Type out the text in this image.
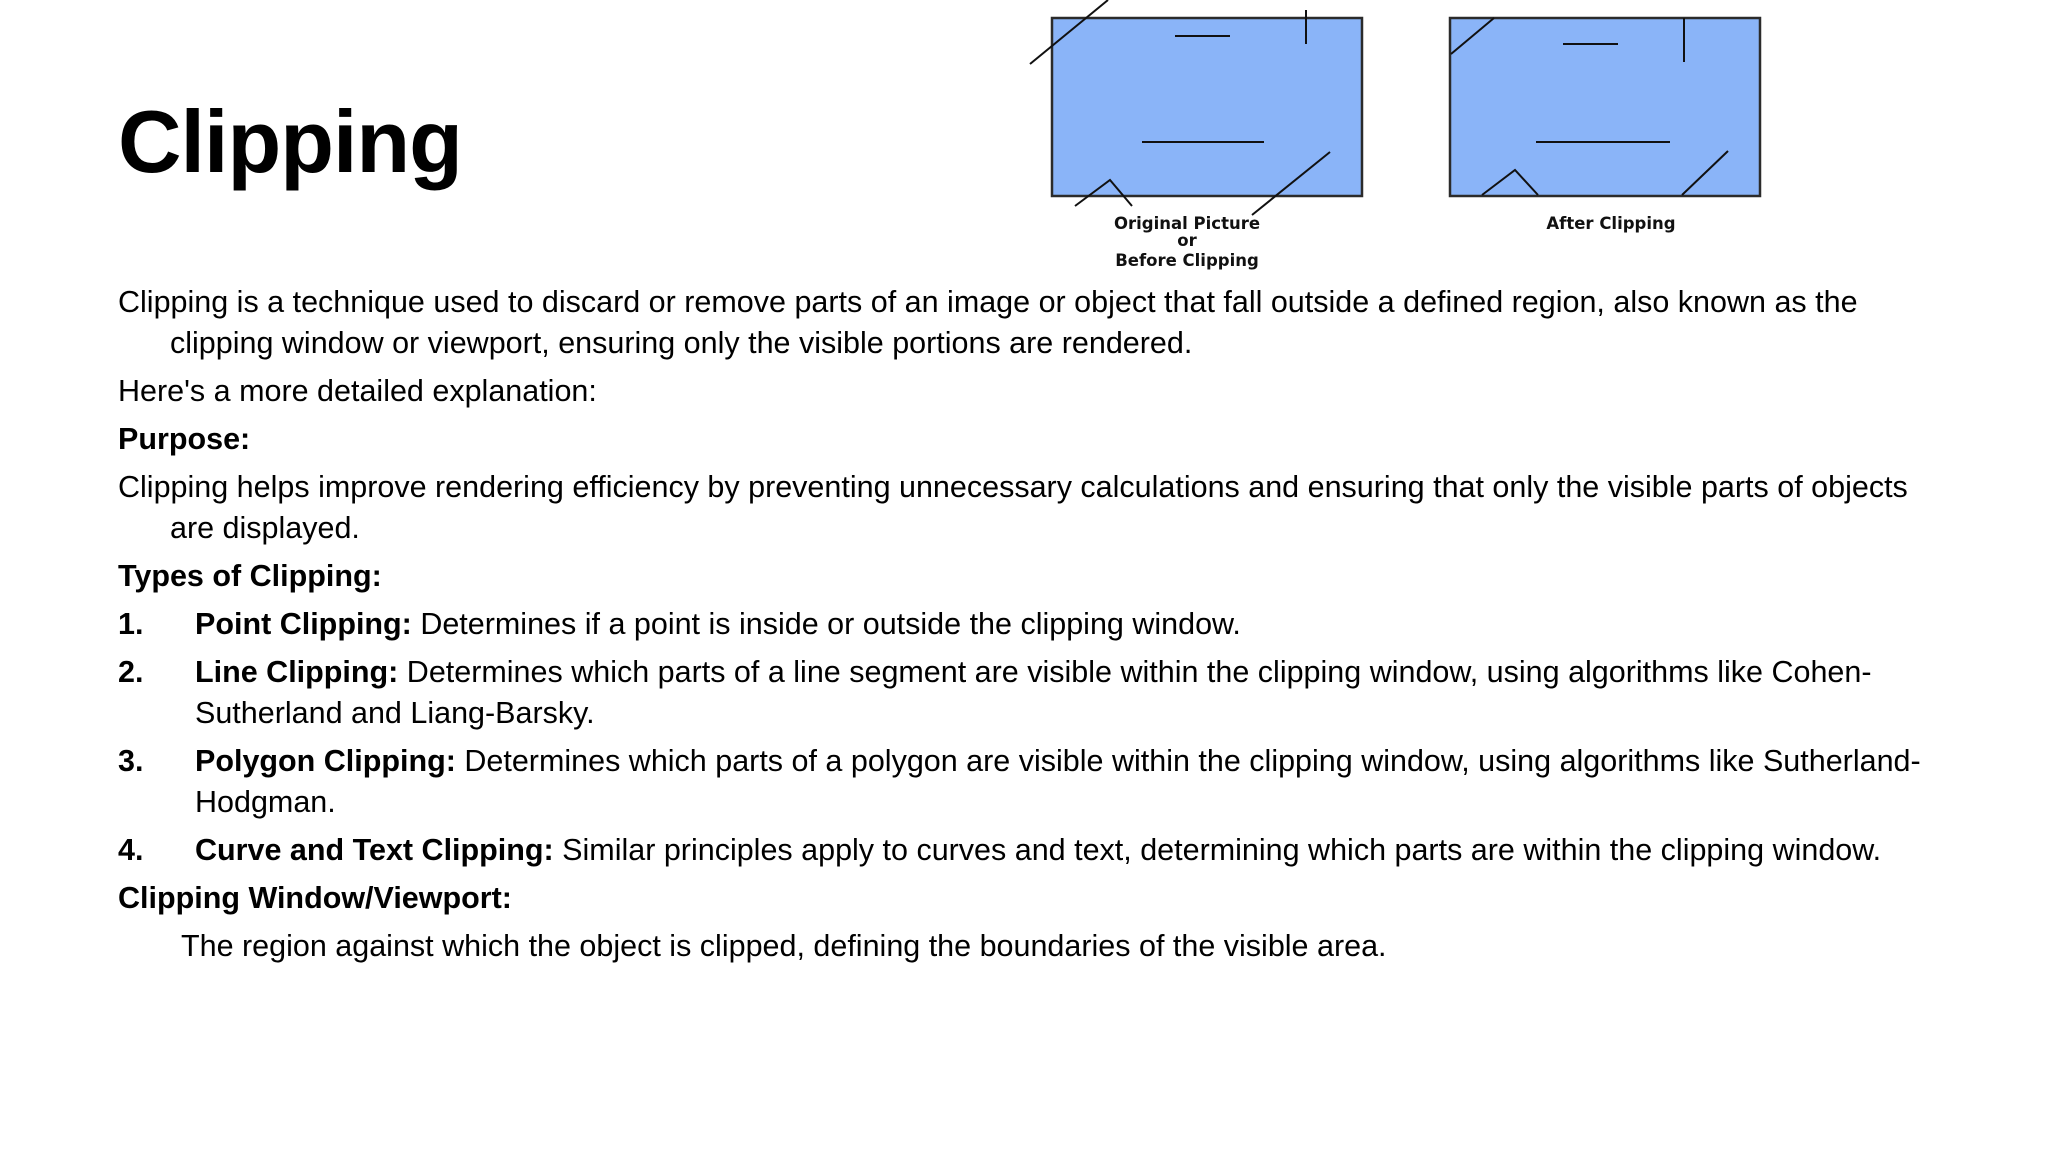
Clipping
Original Picture
or
Before Clipping
After Clipping

Clipping is a technique used to discard or remove parts of an image or object that fall outside a defined region, also known as the clipping window or viewport, ensuring only the visible portions are rendered.

Here's a more detailed explanation:

Purpose:

Clipping helps improve rendering efficiency by preventing unnecessary calculations and ensuring that only the visible parts of objects are displayed.

Types of Clipping:

1. Point Clipping: Determines if a point is inside or outside the clipping window.
2. Line Clipping: Determines which parts of a line segment are visible within the clipping window, using algorithms like Cohen-Sutherland and Liang-Barsky.
3. Polygon Clipping: Determines which parts of a polygon are visible within the clipping window, using algorithms like Sutherland-Hodgman.
4. Curve and Text Clipping: Similar principles apply to curves and text, determining which parts are within the clipping window.

Clipping Window/Viewport:

The region against which the object is clipped, defining the boundaries of the visible area.
